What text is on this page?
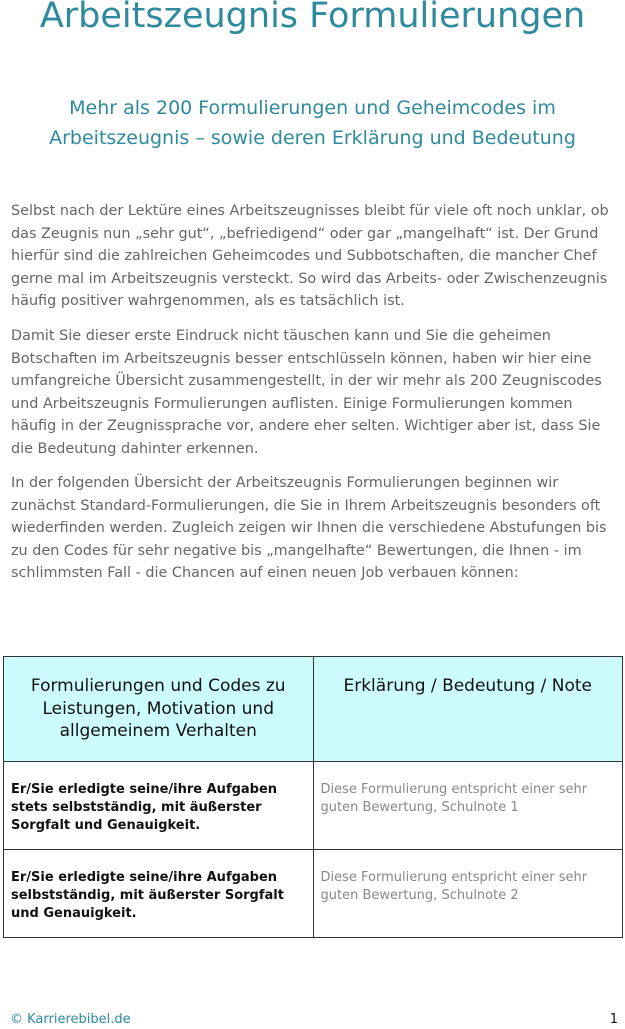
Arbeitszeugnis Formulierungen
Mehr als 200 Formulierungen und Geheimcodes im Arbeitszeugnis – sowie deren Erklärung und Bedeutung

Selbst nach der Lektüre eines Arbeitszeugnisses bleibt für viele oft noch unklar, ob das Zeugnis nun „sehr gut“, „befriedigend“ oder gar „mangelhaft“ ist. Der Grund hierfür sind die zahlreichen Geheimcodes und Subbotschaften, die mancher Chef gerne mal im Arbeitszeugnis versteckt. So wird das Arbeits- oder Zwischenzeugnis häufig positiver wahrgenommen, als es tatsächlich ist.

Damit Sie dieser erste Eindruck nicht täuschen kann und Sie die geheimen Botschaften im Arbeitszeugnis besser entschlüsseln können, haben wir hier eine umfangreiche Übersicht zusammengestellt, in der wir mehr als 200 Zeugniscodes und Arbeitszeugnis Formulierungen auflisten. Einige Formulierungen kommen häufig in der Zeugnissprache vor, andere eher selten. Wichtiger aber ist, dass Sie die Bedeutung dahinter erkennen.

In der folgenden Übersicht der Arbeitszeugnis Formulierungen beginnen wir zunächst Standard-Formulierungen, die Sie in Ihrem Arbeitszeugnis besonders oft wiederfinden werden. Zugleich zeigen wir Ihnen die verschiedene Abstufungen bis zu den Codes für sehr negative bis „mangelhafte“ Bewertungen, die Ihnen - im schlimmsten Fall - die Chancen auf einen neuen Job verbauen können:

Formulierungen und Codes zu Leistungen, Motivation und allgemeinem Verhalten	Erklärung / Bedeutung / Note

Er/Sie erledigte seine/ihre Aufgaben stets selbstständig, mit äußerster Sorgfalt und Genauigkeit.	Diese Formulierung entspricht einer sehr guten Bewertung, Schulnote 1

Er/Sie erledigte seine/ihre Aufgaben selbstständig, mit äußerster Sorgfalt und Genauigkeit.	Diese Formulierung entspricht einer sehr guten Bewertung, Schulnote 2
© Karrierebibel.de	1
